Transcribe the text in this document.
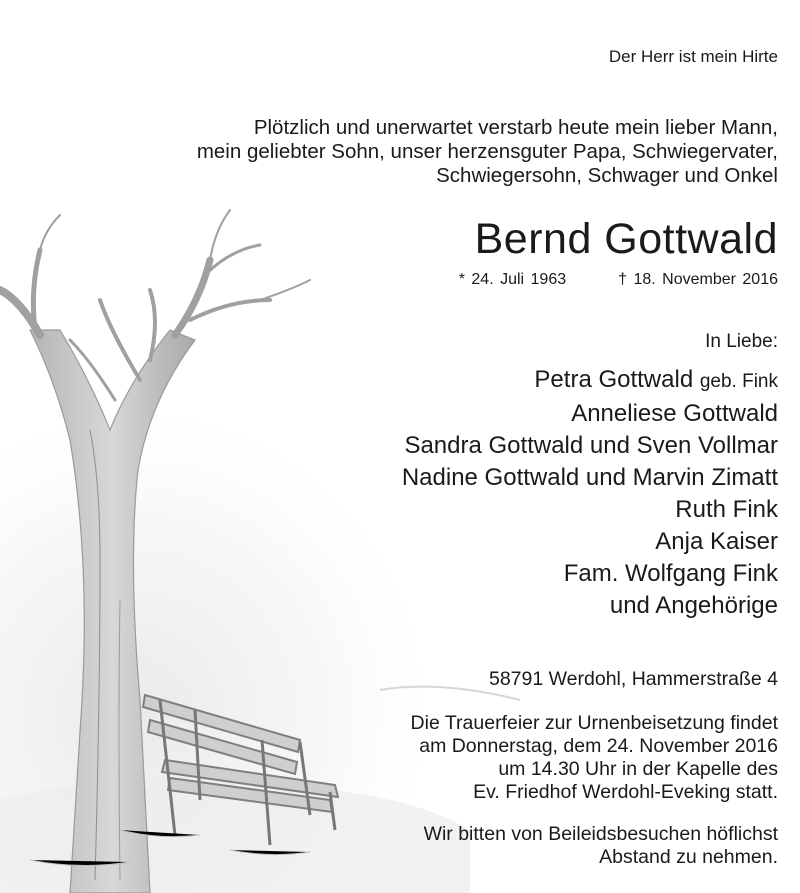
Der Herr ist mein Hirte
Plötzlich und unerwartet verstarb heute mein lieber Mann,
mein geliebter Sohn, unser herzensguter Papa, Schwiegervater,
Schwiegersohn, Schwager und Onkel
Bernd Gottwald
* 24. Juli 1963	† 18. November 2016
In Liebe:
Petra Gottwald geb. Fink
Anneliese Gottwald
Sandra Gottwald und Sven Vollmar
Nadine Gottwald und Marvin Zimatt
Ruth Fink
Anja Kaiser
Fam. Wolfgang Fink
und Angehörige
58791 Werdohl, Hammerstraße 4
Die Trauerfeier zur Urnenbeisetzung findet
am Donnerstag, dem 24. November 2016
um 14.30 Uhr in der Kapelle des
Ev. Friedhof Werdohl-Eveking statt.
Wir bitten von Beileidsbesuchen höflichst
Abstand zu nehmen.
